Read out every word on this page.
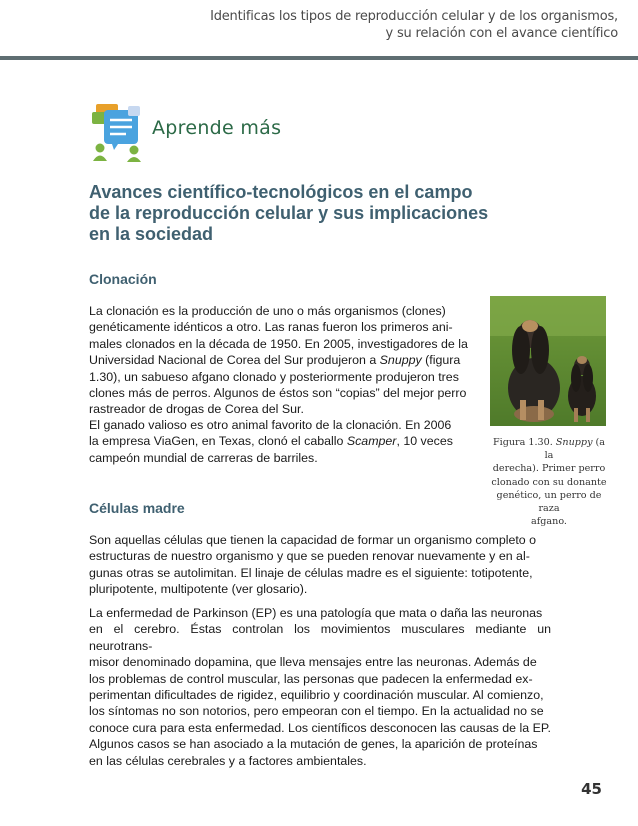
Identificas los tipos de reproducción celular y de los organismos,
y su relación con el avance científico
Aprende más
Avances científico-tecnológicos en el campo
de la reproducción celular y sus implicaciones
en la sociedad
Clonación
La clonación es la producción de uno o más organismos (clones)
genéticamente idénticos a otro. Las ranas fueron los primeros ani-
males clonados en la década de 1950. En 2005, investigadores de la
Universidad Nacional de Corea del Sur produjeron a Snuppy (figura
1.30), un sabueso afgano clonado y posteriormente produjeron tres
clones más de perros. Algunos de éstos son “copias” del mejor perro
rastreador de drogas de Corea del Sur.
El ganado valioso es otro animal favorito de la clonación. En 2006
la empresa ViaGen, en Texas, clonó el caballo Scamper, 10 veces
campeón mundial de carreras de barriles.
Figura 1.30. Snuppy (a la
derecha). Primer perro
clonado con su donante
genético, un perro de raza
afgano.
Células madre
Son aquellas células que tienen la capacidad de formar un organismo completo o
estructuras de nuestro organismo y que se pueden renovar nuevamente y en al-
gunas otras se autolimitan. El linaje de células madre es el siguiente: totipotente,
pluripotente, multipotente (ver glosario).
La enfermedad de Parkinson (EP) es una patología que mata o daña las neuronas
en el cerebro. Éstas controlan los movimientos musculares mediante un neurotrans-
misor denominado dopamina, que lleva mensajes entre las neuronas. Además de
los problemas de control muscular, las personas que padecen la enfermedad ex-
perimentan dificultades de rigidez, equilibrio y coordinación muscular. Al comienzo,
los síntomas no son notorios, pero empeoran con el tiempo. En la actualidad no se
conoce cura para esta enfermedad. Los científicos desconocen las causas de la EP.
Algunos casos se han asociado a la mutación de genes, la aparición de proteínas
en las células cerebrales y a factores ambientales.
45
